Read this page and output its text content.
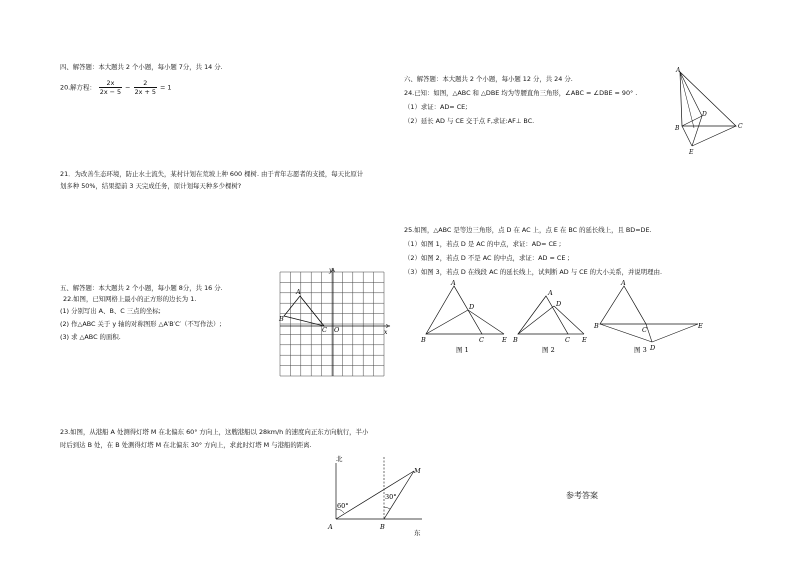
四、解答题：本大题共 2 个小题，每小题 7分，共 14 分.
20.解方程： $\frac{2x}{2x - 5} - \frac{2}{2x + 5} = 1$
21．为改善生态环境，防止水土流失，某村计划在荒坡上种 600 棵树. 由于青年志愿者的支援，每天比原计
划多种 50%，结果提前 3 天完成任务，原计划每天种多少棵树?
五、解答题：本大题共 2 个小题，每小题 8分，共 16 分.
22.如图，已知网格上最小的正方形的边长为 1.
(1) 分别写出 A、B、C 三点的坐标;
(2) 作△ABC 关于 y 轴的对称图形 △A′B′C′（不写作法）;
(3) 求 △ABC 的面积.
y
x
A
B
C O
23.如图，从港船 A 处测得灯塔 M 在北偏东 60° 方向上，这艘港船以 28km/h 的速度向正东方向航行，半小
时后到达 B 处，在 B 处测得灯塔 M 在北偏东 30° 方向上，求此时灯塔 M 与港船的距离.
北
东
A	B
M
60°
30°
六、解答题：本大题共 2 个小题，每小题 12 分，共 24 分.
24.已知：如图，△ABC 和 △DBE 均为等腰直角三角形，∠ABC = ∠DBE = 90° .
（1）求证：AD= CE;
（2）延长 AD 与 CE 交于点 F,求证:AF⊥ BC.
A
B	C
D
E
25.如图，△ABC 是等边三角形，点 D 在 AC 上，点 E 在 BC 的延长线上，且 BD=DE.
（1）如图 1，若点 D 是 AC 的中点，求证：AD= CE ;
（2）如图 2，若点 D 不是 AC 的中点，求证：AD = CE ;
（3）如图 3，若点 D 在线段 AC 的延长线上，试判断 AD 与 CE 的大小关系，并说明理由.
A
B	C
D
E
图 1
A
B	C
D
E
图 2
A
B	C
D
E
图 3
参考答案
